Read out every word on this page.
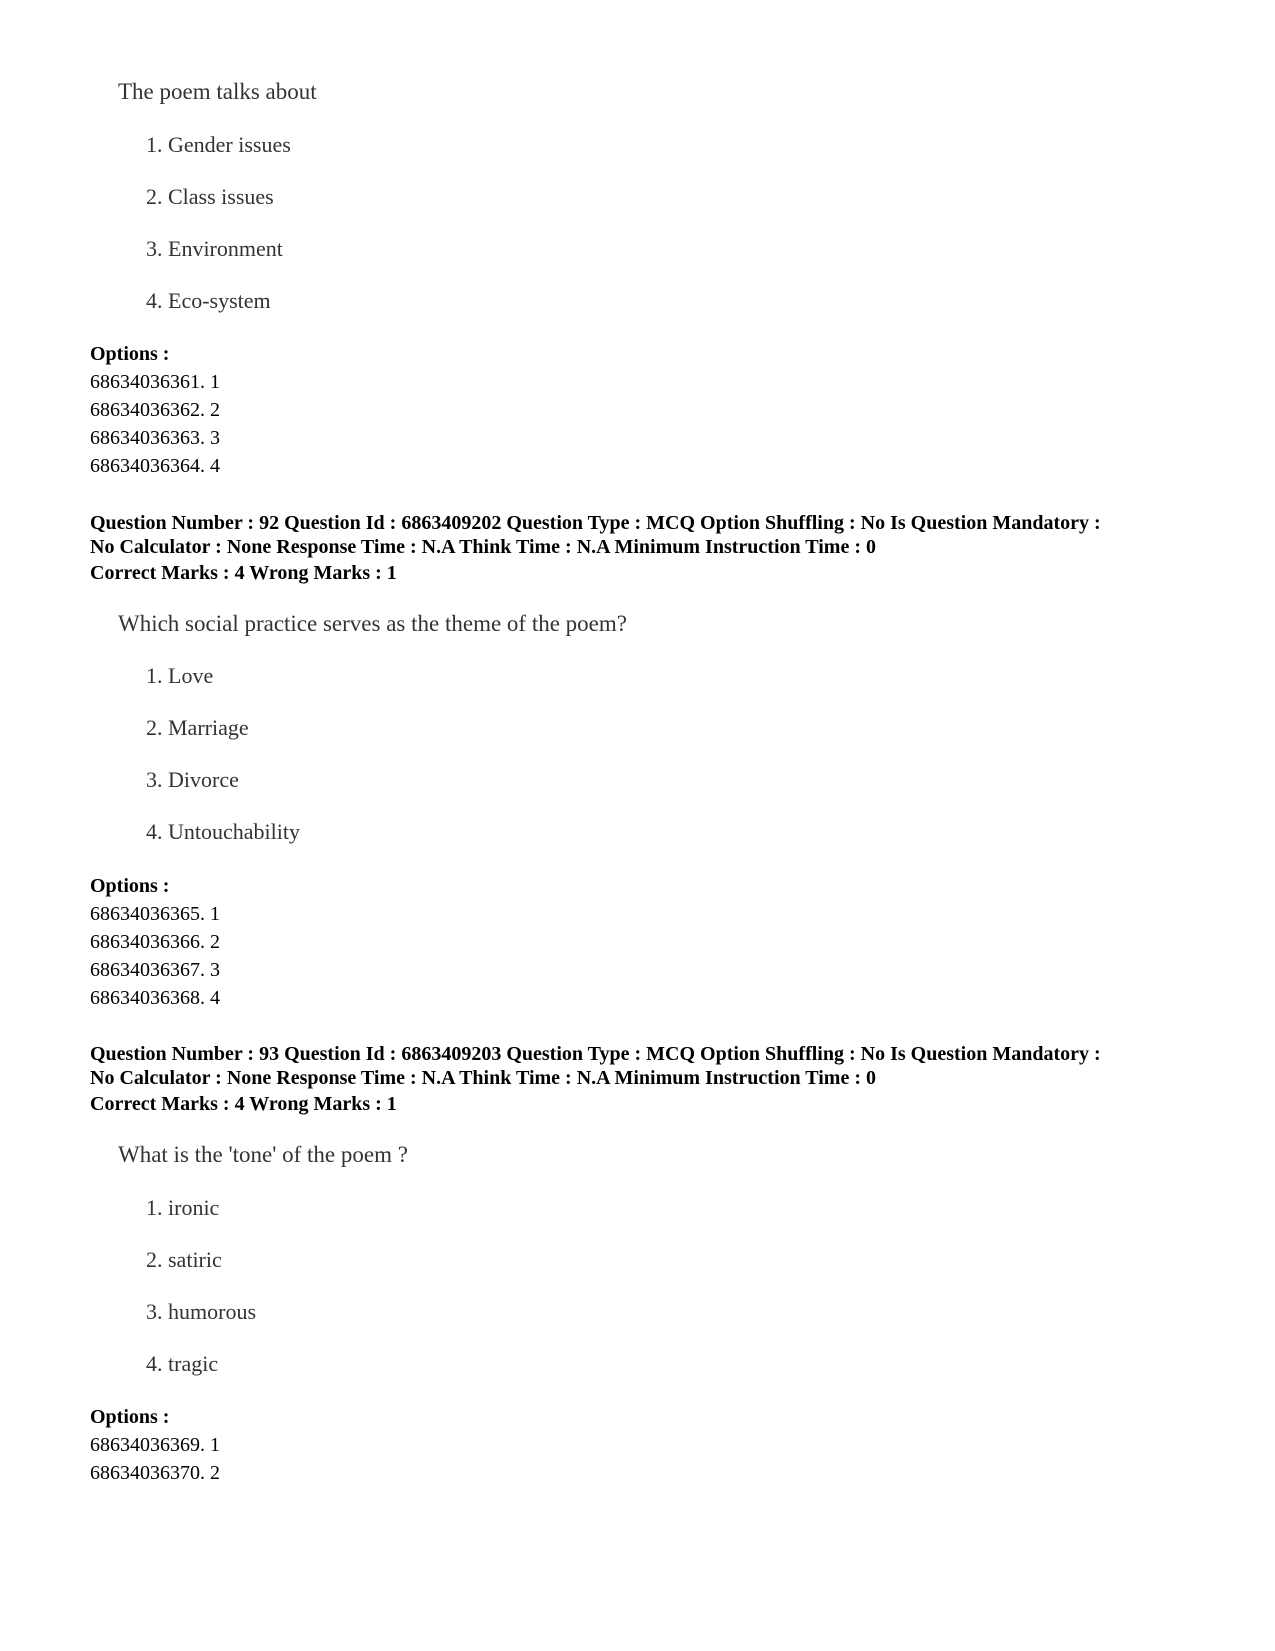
The poem talks about
1. Gender issues
2. Class issues
3. Environment
4. Eco-system
Options :
68634036361. 1
68634036362. 2
68634036363. 3
68634036364. 4
Question Number : 92 Question Id : 6863409202 Question Type : MCQ Option Shuffling : No Is Question Mandatory :
No Calculator : None Response Time : N.A Think Time : N.A Minimum Instruction Time : 0
Correct Marks : 4 Wrong Marks : 1
Which social practice serves as the theme of the poem?
1. Love
2. Marriage
3. Divorce
4. Untouchability
Options :
68634036365. 1
68634036366. 2
68634036367. 3
68634036368. 4
Question Number : 93 Question Id : 6863409203 Question Type : MCQ Option Shuffling : No Is Question Mandatory :
No Calculator : None Response Time : N.A Think Time : N.A Minimum Instruction Time : 0
Correct Marks : 4 Wrong Marks : 1
What is the 'tone' of the poem ?
1. ironic
2. satiric
3. humorous
4. tragic
Options :
68634036369. 1
68634036370. 2
